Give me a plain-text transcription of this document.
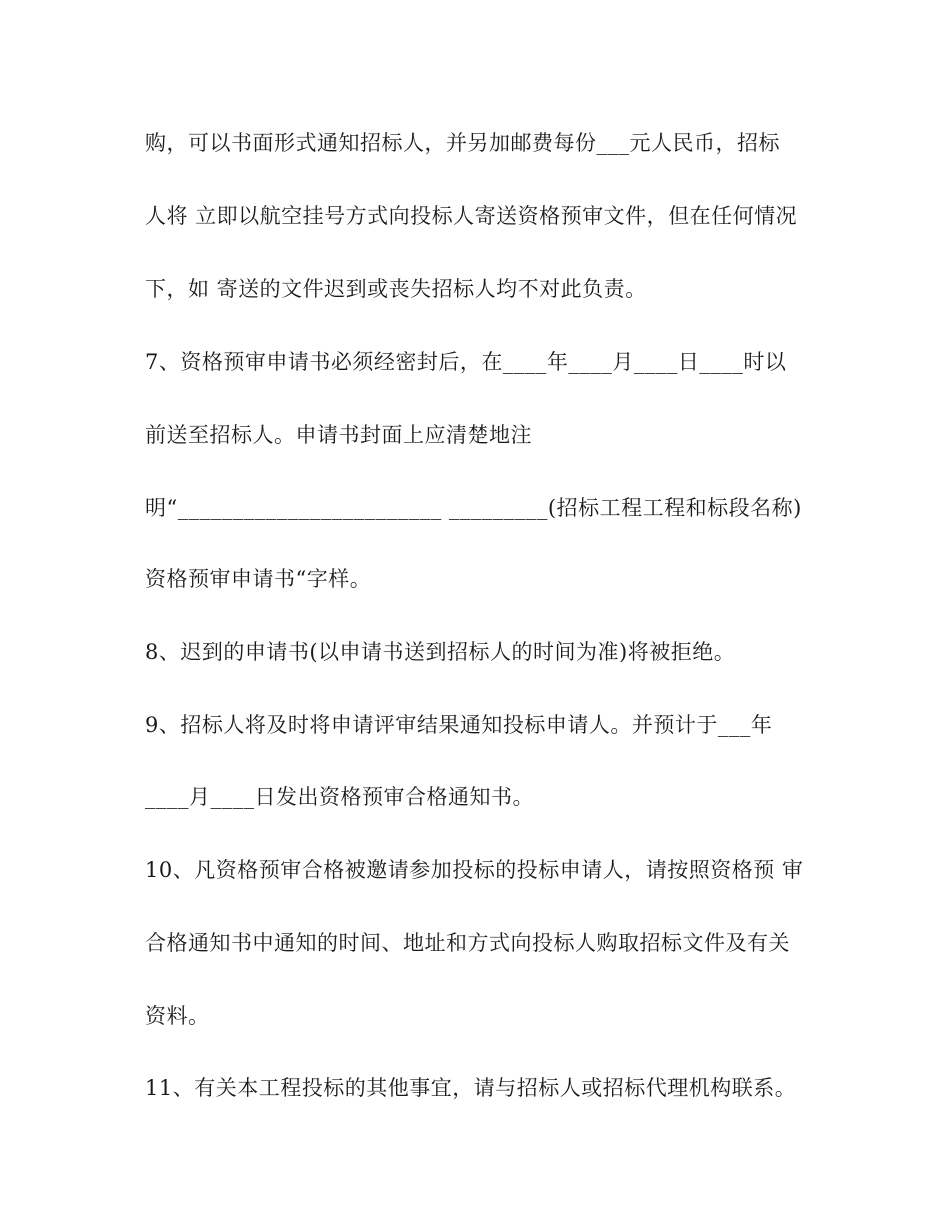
购，可以书面形式通知招标人，并另加邮费每份___元人民币，招标
人将 立即以航空挂号方式向投标人寄送资格预审文件，但在任何情况
下，如 寄送的文件迟到或丧失招标人均不对此负责。
7、资格预审申请书必须经密封后，在____年____月____日____时以
前送至招标人。申请书封面上应清楚地注
明“________________________ _________(招标工程工程和标段名称)
资格预审申请书“字样。
8、迟到的申请书(以申请书送到招标人的时间为准)将被拒绝。
9、招标人将及时将申请评审结果通知投标申请人。并预计于___年
____月____日发出资格预审合格通知书。
10、凡资格预审合格被邀请参加投标的投标申请人，请按照资格预 审
合格通知书中通知的时间、地址和方式向投标人购取招标文件及有关
资料。
11、有关本工程投标的其他事宜，请与招标人或招标代理机构联系。
